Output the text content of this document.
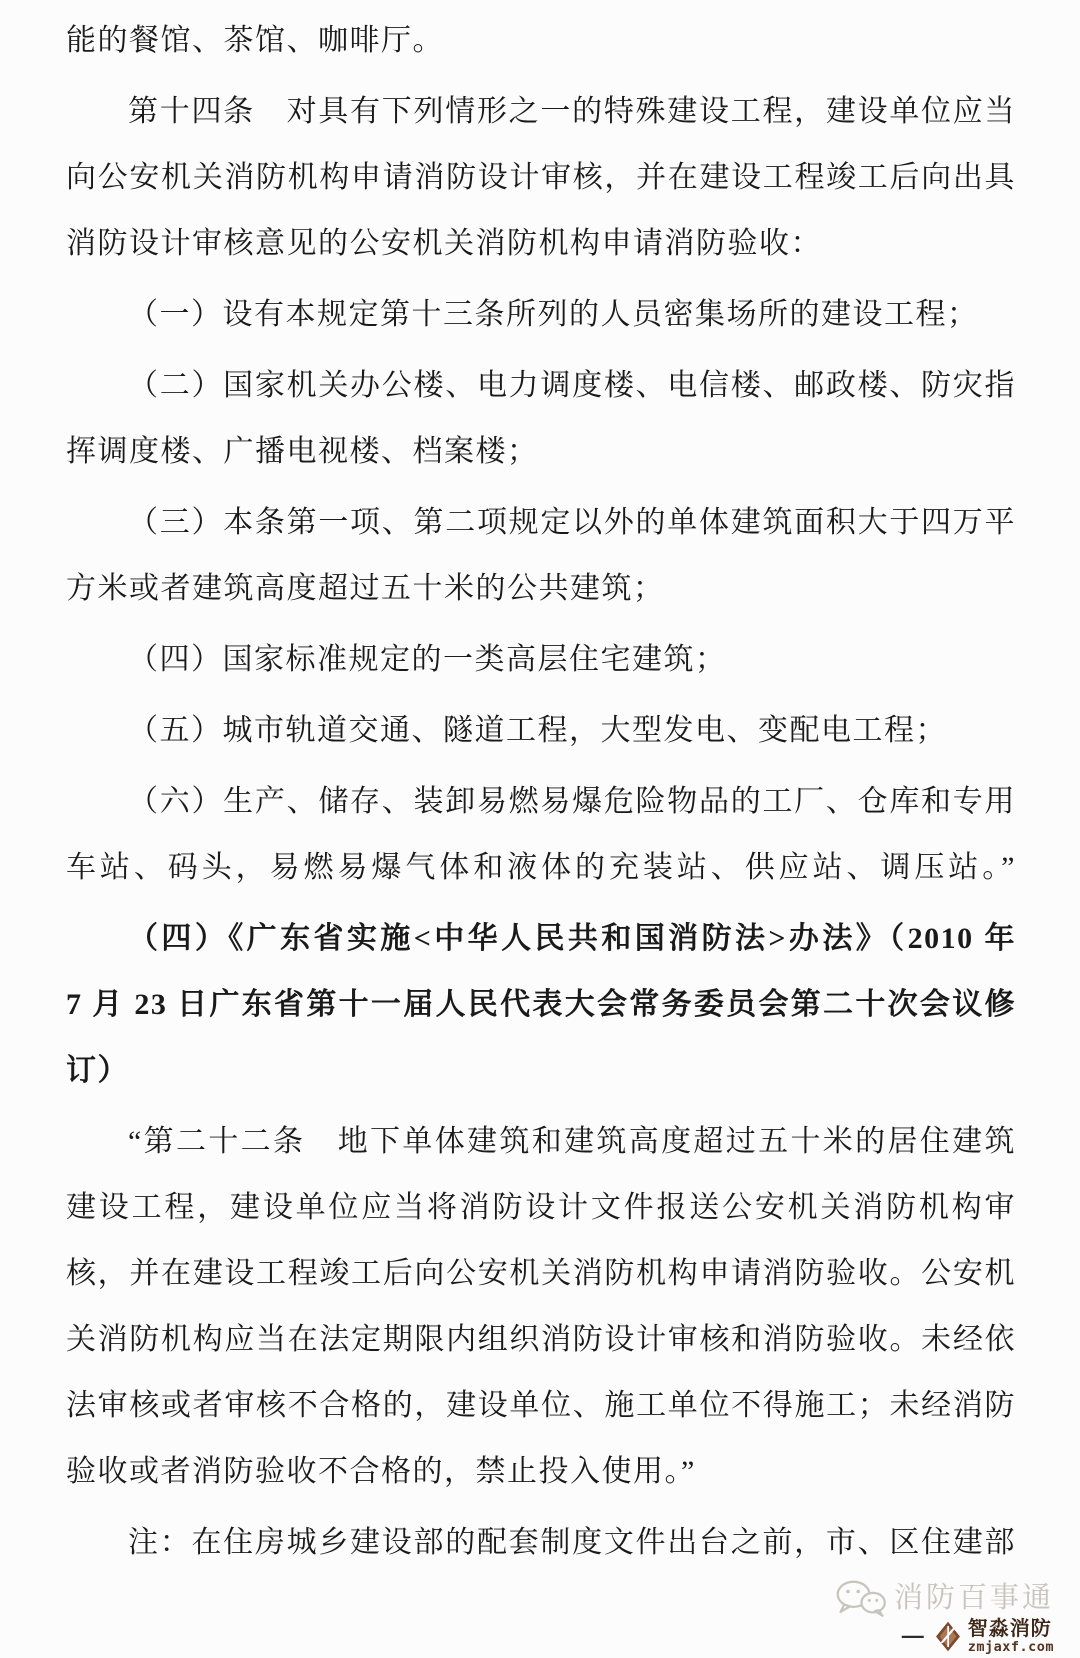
能的餐馆、茶馆、咖啡厅。
第十四条　对具有下列情形之一的特殊建设工程，建设单位应当
向公安机关消防机构申请消防设计审核，并在建设工程竣工后向出具
消防设计审核意见的公安机关消防机构申请消防验收：
（一）设有本规定第十三条所列的人员密集场所的建设工程；
（二）国家机关办公楼、电力调度楼、电信楼、邮政楼、防灾指
挥调度楼、广播电视楼、档案楼；
（三）本条第一项、第二项规定以外的单体建筑面积大于四万平
方米或者建筑高度超过五十米的公共建筑；
（四）国家标准规定的一类高层住宅建筑；
（五）城市轨道交通、隧道工程，大型发电、变配电工程；
（六）生产、储存、装卸易燃易爆危险物品的工厂、仓库和专用
车站、码头，易燃易爆气体和液体的充装站、供应站、调压站。”
（四）《广东省实施<中华人民共和国消防法>办法》（2010 年
7 月 23 日广东省第十一届人民代表大会常务委员会第二十次会议修
订）
“第二十二条　地下单体建筑和建筑高度超过五十米的居住建筑
建设工程，建设单位应当将消防设计文件报送公安机关消防机构审
核，并在建设工程竣工后向公安机关消防机构申请消防验收。公安机
关消防机构应当在法定期限内组织消防设计审核和消防验收。未经依
法审核或者审核不合格的，建设单位、施工单位不得施工；未经消防
验收或者消防验收不合格的，禁止投入使用。”
注：在住房城乡建设部的配套制度文件出台之前，市、区住建部
消防百事通
— 智淼消防
zmjaxf.com
